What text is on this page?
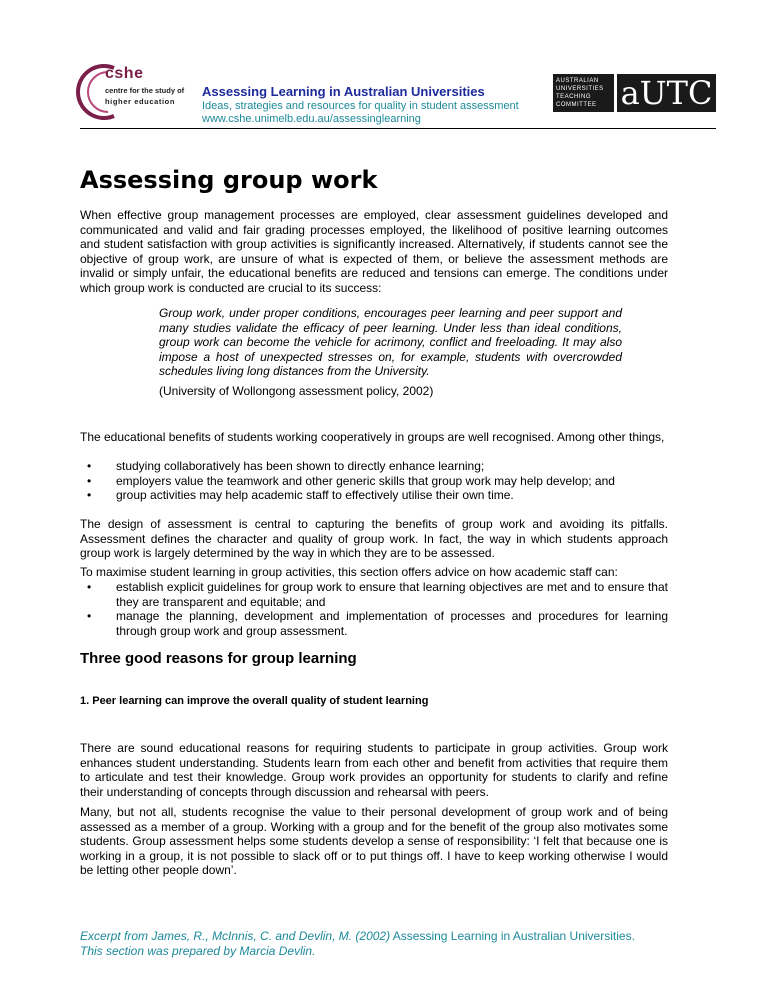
cshe
centre for the study of
higher education
Assessing Learning in Australian Universities
Ideas, strategies and resources for quality in student assessment
www.cshe.unimelb.edu.au/assessinglearning
AUSTRALIAN
UNIVERSITIES
TEACHING
COMMITTEE aUTC
Assessing group work

When effective group management processes are employed, clear assessment guidelines developed and communicated and valid and fair grading processes employed, the likelihood of positive learning outcomes and student satisfaction with group activities is significantly increased. Alternatively, if students cannot see the objective of group work, are unsure of what is expected of them, or believe the assessment methods are invalid or simply unfair, the educational benefits are reduced and tensions can emerge. The conditions under which group work is conducted are crucial to its success:

Group work, under proper conditions, encourages peer learning and peer support and many studies validate the efficacy of peer learning. Under less than ideal conditions, group work can become the vehicle for acrimony, conflict and freeloading. It may also impose a host of unexpected stresses on, for example, students with overcrowded schedules living long distances from the University.

(University of Wollongong assessment policy, 2002)

The educational benefits of students working cooperatively in groups are well recognised. Among other things,

• studying collaboratively has been shown to directly enhance learning;
• employers value the teamwork and other generic skills that group work may help develop; and
• group activities may help academic staff to effectively utilise their own time.

The design of assessment is central to capturing the benefits of group work and avoiding its pitfalls. Assessment defines the character and quality of group work. In fact, the way in which students approach group work is largely determined by the way in which they are to be assessed.

To maximise student learning in group activities, this section offers advice on how academic staff can:

• establish explicit guidelines for group work to ensure that learning objectives are met and to ensure that they are transparent and equitable; and
• manage the planning, development and implementation of processes and procedures for learning through group work and group assessment.
Three good reasons for group learning
1. Peer learning can improve the overall quality of student learning

There are sound educational reasons for requiring students to participate in group activities. Group work enhances student understanding. Students learn from each other and benefit from activities that require them to articulate and test their knowledge. Group work provides an opportunity for students to clarify and refine their understanding of concepts through discussion and rehearsal with peers.

Many, but not all, students recognise the value to their personal development of group work and of being assessed as a member of a group. Working with a group and for the benefit of the group also motivates some students. Group assessment helps some students develop a sense of responsibility: ‘I felt that because one is working in a group, it is not possible to slack off or to put things off. I have to keep working otherwise I would be letting other people down’.

Excerpt from James, R., McInnis, C. and Devlin, M. (2002) Assessing Learning in Australian Universities. This section was prepared by Marcia Devlin.
